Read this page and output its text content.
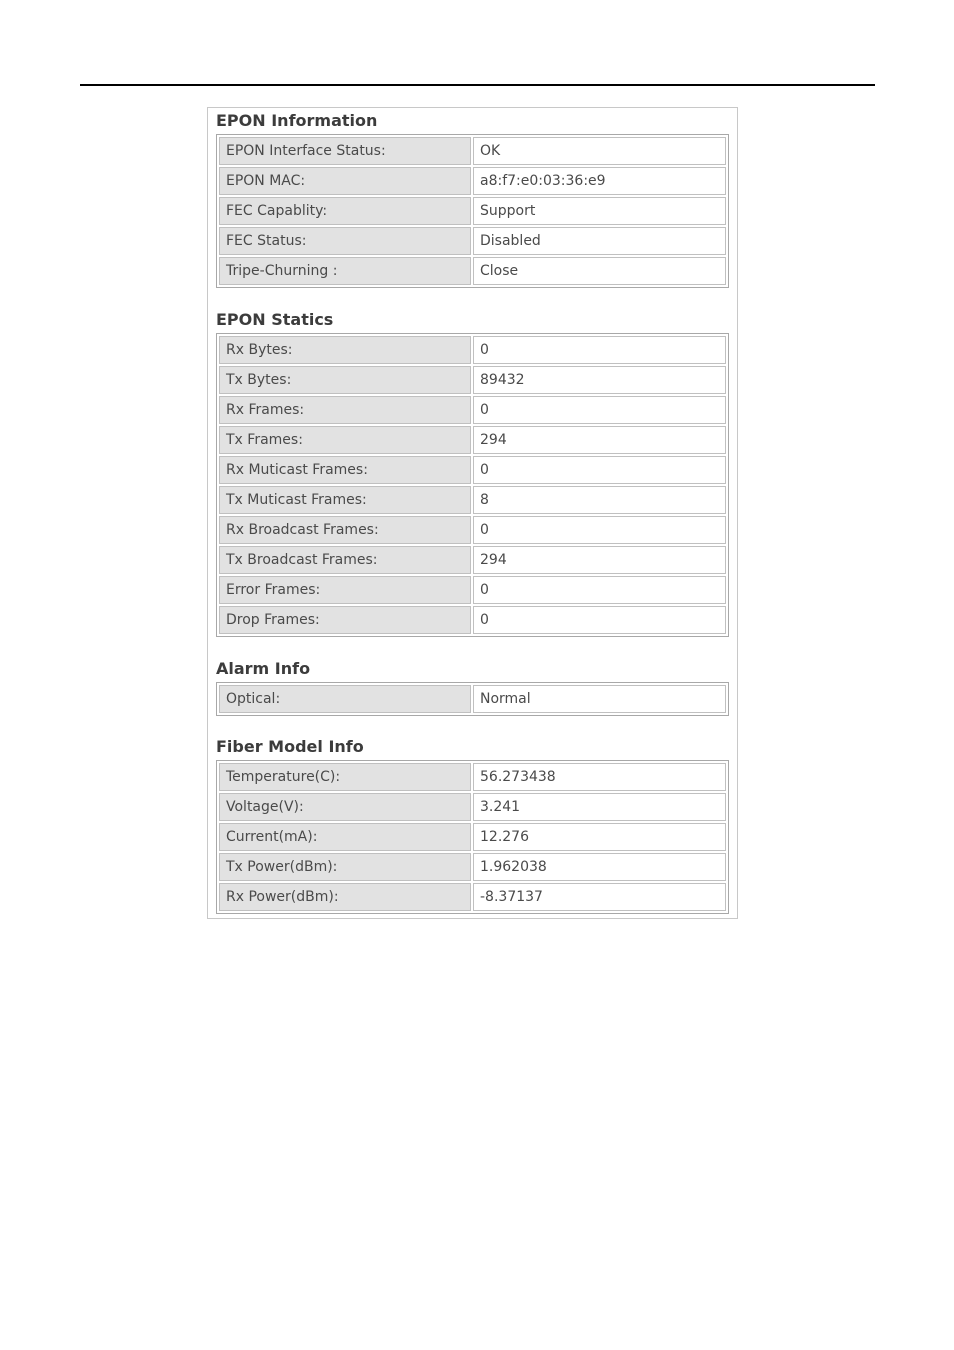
EPON Information
EPON Interface Status:	OK
EPON MAC:	a8:f7:e0:03:36:e9
FEC Capablity:	Support
FEC Status:	Disabled
Tripe-Churning :	Close
EPON Statics
Rx Bytes:	0
Tx Bytes:	89432
Rx Frames:	0
Tx Frames:	294
Rx Muticast Frames:	0
Tx Muticast Frames:	8
Rx Broadcast Frames:	0
Tx Broadcast Frames:	294
Error Frames:	0
Drop Frames:	0
Alarm Info
Optical:	Normal
Fiber Model Info
Temperature(C):	56.273438
Voltage(V):	3.241
Current(mA):	12.276
Tx Power(dBm):	1.962038
Rx Power(dBm):	-8.37137
